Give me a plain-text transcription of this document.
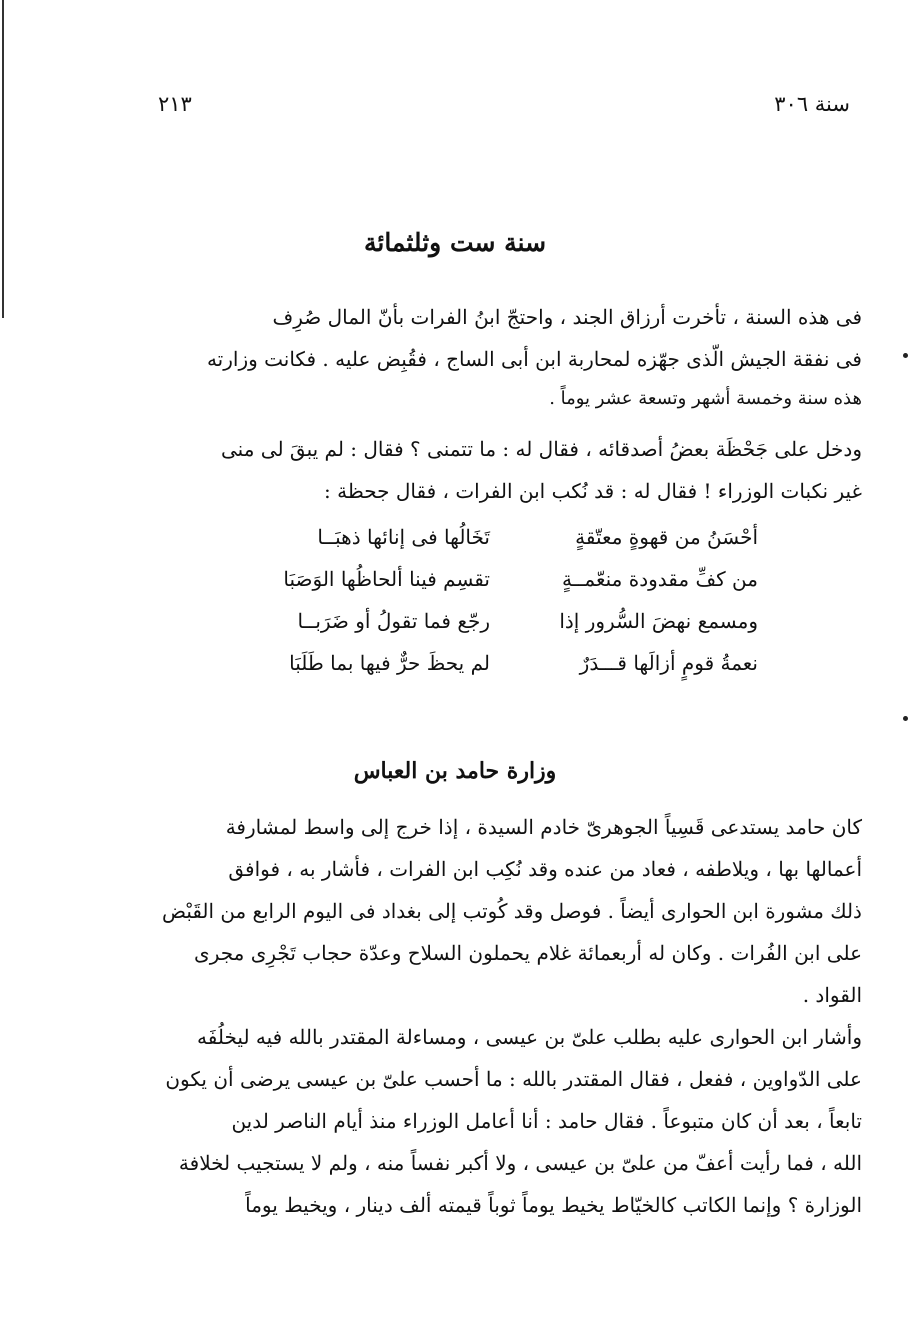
سنة ٣٠٦
٢١٣
سنة ست وثلثمائة
فى هذه السنة ، تأخرت أرزاق الجند ، واحتجّ ابنُ الفرات بأنّ المال صُرِف
فى نفقة الجيش الّذى جهّزه لمحاربة ابن أبى الساج ، فقُبِض عليه . فكانت وزارته
هذه سنة وخمسة أشهر وتسعة عشر يوماً .
ودخل على جَحْظَة بعضُ أصدقائه ، فقال له : ما تتمنى ؟ فقال : لم يبقَ لى منى
غير نكبات الوزراء ! فقال له : قد نُكب ابن الفرات ، فقال جحظة :
أحْسَنُ من قهوةٍ معتّقةٍ
تَخَالُها فى إنائها ذهبَــا
من كفِّ مقدودة منعّمــةٍ
تقسِم فينا ألحاظُها الوَصَبَا
ومسمع نهضَ السُّرور إذا
رجّع فما تقولُ أو ضَرَبــا
نعمةُ قومٍ أزالَها قـــدَرٌ
لم يحظَ حرٌّ فيها بما طَلَبَا
وزارة حامد بن العباس
كان حامد يستدعى قَسِياً الجوهرىّ خادم السيدة ، إذا خرج إلى واسط لمشارفة
أعمالها بها ، ويلاطفه ، فعاد من عنده وقد نُكِب ابن الفرات ، فأشار به ، فوافق
ذلك مشورة ابن الحوارى أيضاً . فوصل وقد كُوتب إلى بغداد فى اليوم الرابع من القَبْض
على ابن الفُرات . وكان له أربعمائة غلام يحملون السلاح وعدّة حجاب تَجْرِى مجرى
القواد .
وأشار ابن الحوارى عليه بطلب علىّ بن عيسى ، ومساءلة المقتدر بالله فيه ليخلُفَه
على الدّواوين ، ففعل ، فقال المقتدر بالله : ما أحسب علىّ بن عيسى يرضى أن يكون
تابعاً ، بعد أن كان متبوعاً . فقال حامد : أنا أعامل الوزراء منذ أيام الناصر لدين
الله ، فما رأيت أعفّ من علىّ بن عيسى ، ولا أكبر نفساً منه ، ولم لا يستجيب لخلافة
الوزارة ؟ وإنما الكاتب كالخيّاط يخيط يوماً ثوباً قيمته ألف دينار ، ويخيط يوماً
